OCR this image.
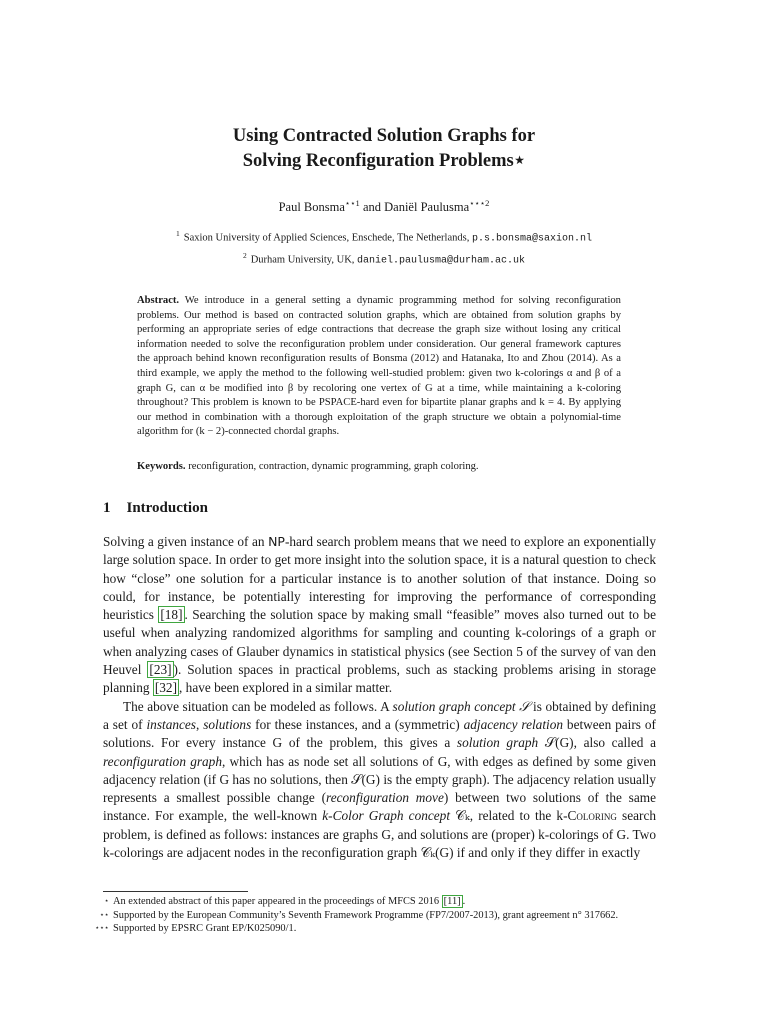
Using Contracted Solution Graphs for
Solving Reconfiguration Problems⋆
Paul Bonsma$^{⋆⋆1}$ and Daniël Paulusma$^{⋆⋆⋆2}$
$^1$ Saxion University of Applied Sciences, Enschede, The Netherlands, p.s.bonsma@saxion.nl
$^2$ Durham University, UK, daniel.paulusma@durham.ac.uk
Abstract. We introduce in a general setting a dynamic programming method for solving reconfiguration problems. Our method is based on contracted solution graphs, which are obtained from solution graphs by performing an appropriate series of edge contractions that decrease the graph size without losing any critical information needed to solve the reconfiguration problem under consideration. Our general framework captures the approach behind known reconfiguration results of Bonsma (2012) and Hatanaka, Ito and Zhou (2014). As a third example, we apply the method to the following well-studied problem: given two k-colorings α and β of a graph G, can α be modified into β by recoloring one vertex of G at a time, while maintaining a k-coloring throughout? This problem is known to be PSPACE-hard even for bipartite planar graphs and k = 4. By applying our method in combination with a thorough exploitation of the graph structure we obtain a polynomial-time algorithm for (k − 2)-connected chordal graphs.
Keywords. reconfiguration, contraction, dynamic programming, graph coloring.
1 Introduction

Solving a given instance of an NP-hard search problem means that we need to explore an exponentially large solution space. In order to get more insight into the solution space, it is a natural question to check how “close” one solution for a particular instance is to another solution of that instance. Doing so could, for instance, be potentially interesting for improving the performance of corresponding heuristics [18] . Searching the solution space by making small “feasible” moves also turned out to be useful when analyzing randomized algorithms for sampling and counting k-colorings of a graph or when analyzing cases of Glauber dynamics in statistical physics (see Section 5 of the survey of van den Heuvel [23] ). Solution spaces in practical problems, such as stacking problems arising in storage planning [32] , have been explored in a similar matter.

The above situation can be modeled as follows. A solution graph concept 𝒮 is obtained by defining a set of instances, solutions for these instances, and a (symmetric) adjacency relation between pairs of solutions. For every instance G of the problem, this gives a solution graph 𝒮(G), also called a reconfiguration graph, which has as node set all solutions of G, with edges as defined by some given adjacency relation (if G has no solutions, then 𝒮(G) is the empty graph). The adjacency relation usually represents a smallest possible change (reconfiguration move) between two solutions of the same instance. For example, the well-known k-Color Graph concept 𝒞ₖ, related to the k-Coloring search problem, is defined as follows: instances are graphs G, and solutions are (proper) k-colorings of G. Two k-colorings are adjacent nodes in the reconfiguration graph 𝒞ₖ(G) if and only if they differ in exactly

⋆ An extended abstract of this paper appeared in the proceedings of MFCS 2016 [11] .
⋆⋆ Supported by the European Community’s Seventh Framework Programme (FP7/2007-2013), grant agreement n° 317662.
⋆⋆⋆ Supported by EPSRC Grant EP/K025090/1.
